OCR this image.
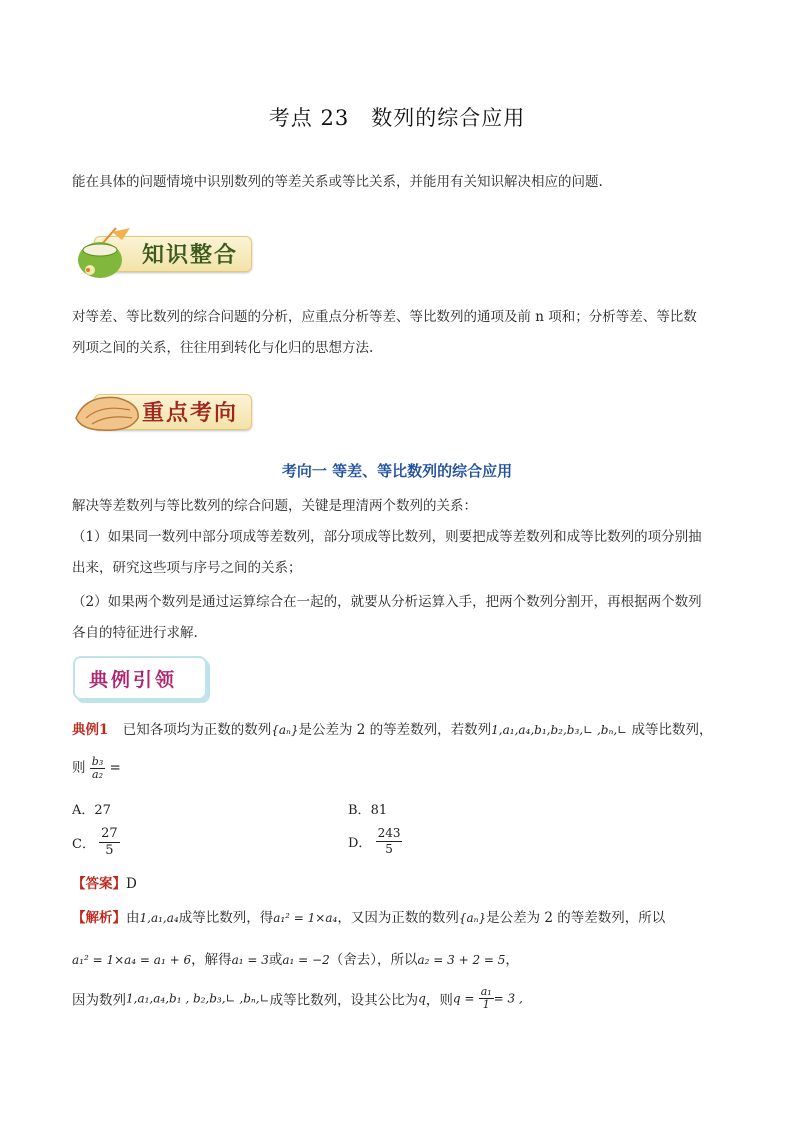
考点 23　数列的综合应用
能在具体的问题情境中识别数列的等差关系或等比关系，并能用有关知识解决相应的问题.
知识整合
对等差、等比数列的综合问题的分析，应重点分析等差、等比数列的通项及前 n 项和；分析等差、等比数
列项之间的关系，往往用到转化与化归的思想方法.
重点考向
考向一 等差、等比数列的综合应用
解决等差数列与等比数列的综合问题，关键是理清两个数列的关系：
（1）如果同一数列中部分项成等差数列，部分项成等比数列，则要把成等差数列和成等比数列的项分别抽
出来，研究这些项与序号之间的关系；
（2）如果两个数列是通过运算综合在一起的，就要从分析运算入手，把两个数列分割开，再根据两个数列
各自的特征进行求解.
典例引领
典例1 已知各项均为正数的数列{aₙ}是公差为 2 的等差数列，若数列1,a₁,a₄,b₁,b₂,b₃,∟ ,bₙ,∟ 成等比数列，
则 $\frac{\text{b₃}}{\text{a₂}}$ =
A．27	B．81
C． $\frac{27}{5}$	D． $\frac{243}{5}$
【答案】D
【解析】由1,a₁,a₄成等比数列，得a₁² = 1×a₄，又因为正数的数列{aₙ}是公差为 2 的等差数列，所以
a₁² = 1×a₄ = a₁ + 6，解得a₁ = 3或a₁ = −2（舍去），所以a₂ = 3 + 2 = 5，
因为数列1,a₁,a₄,b₁ , b₂,b₃,∟ ,bₙ,∟成等比数列，设其公比为q，则$q = \frac{\text{a₁}}{1} = 3$ ,
